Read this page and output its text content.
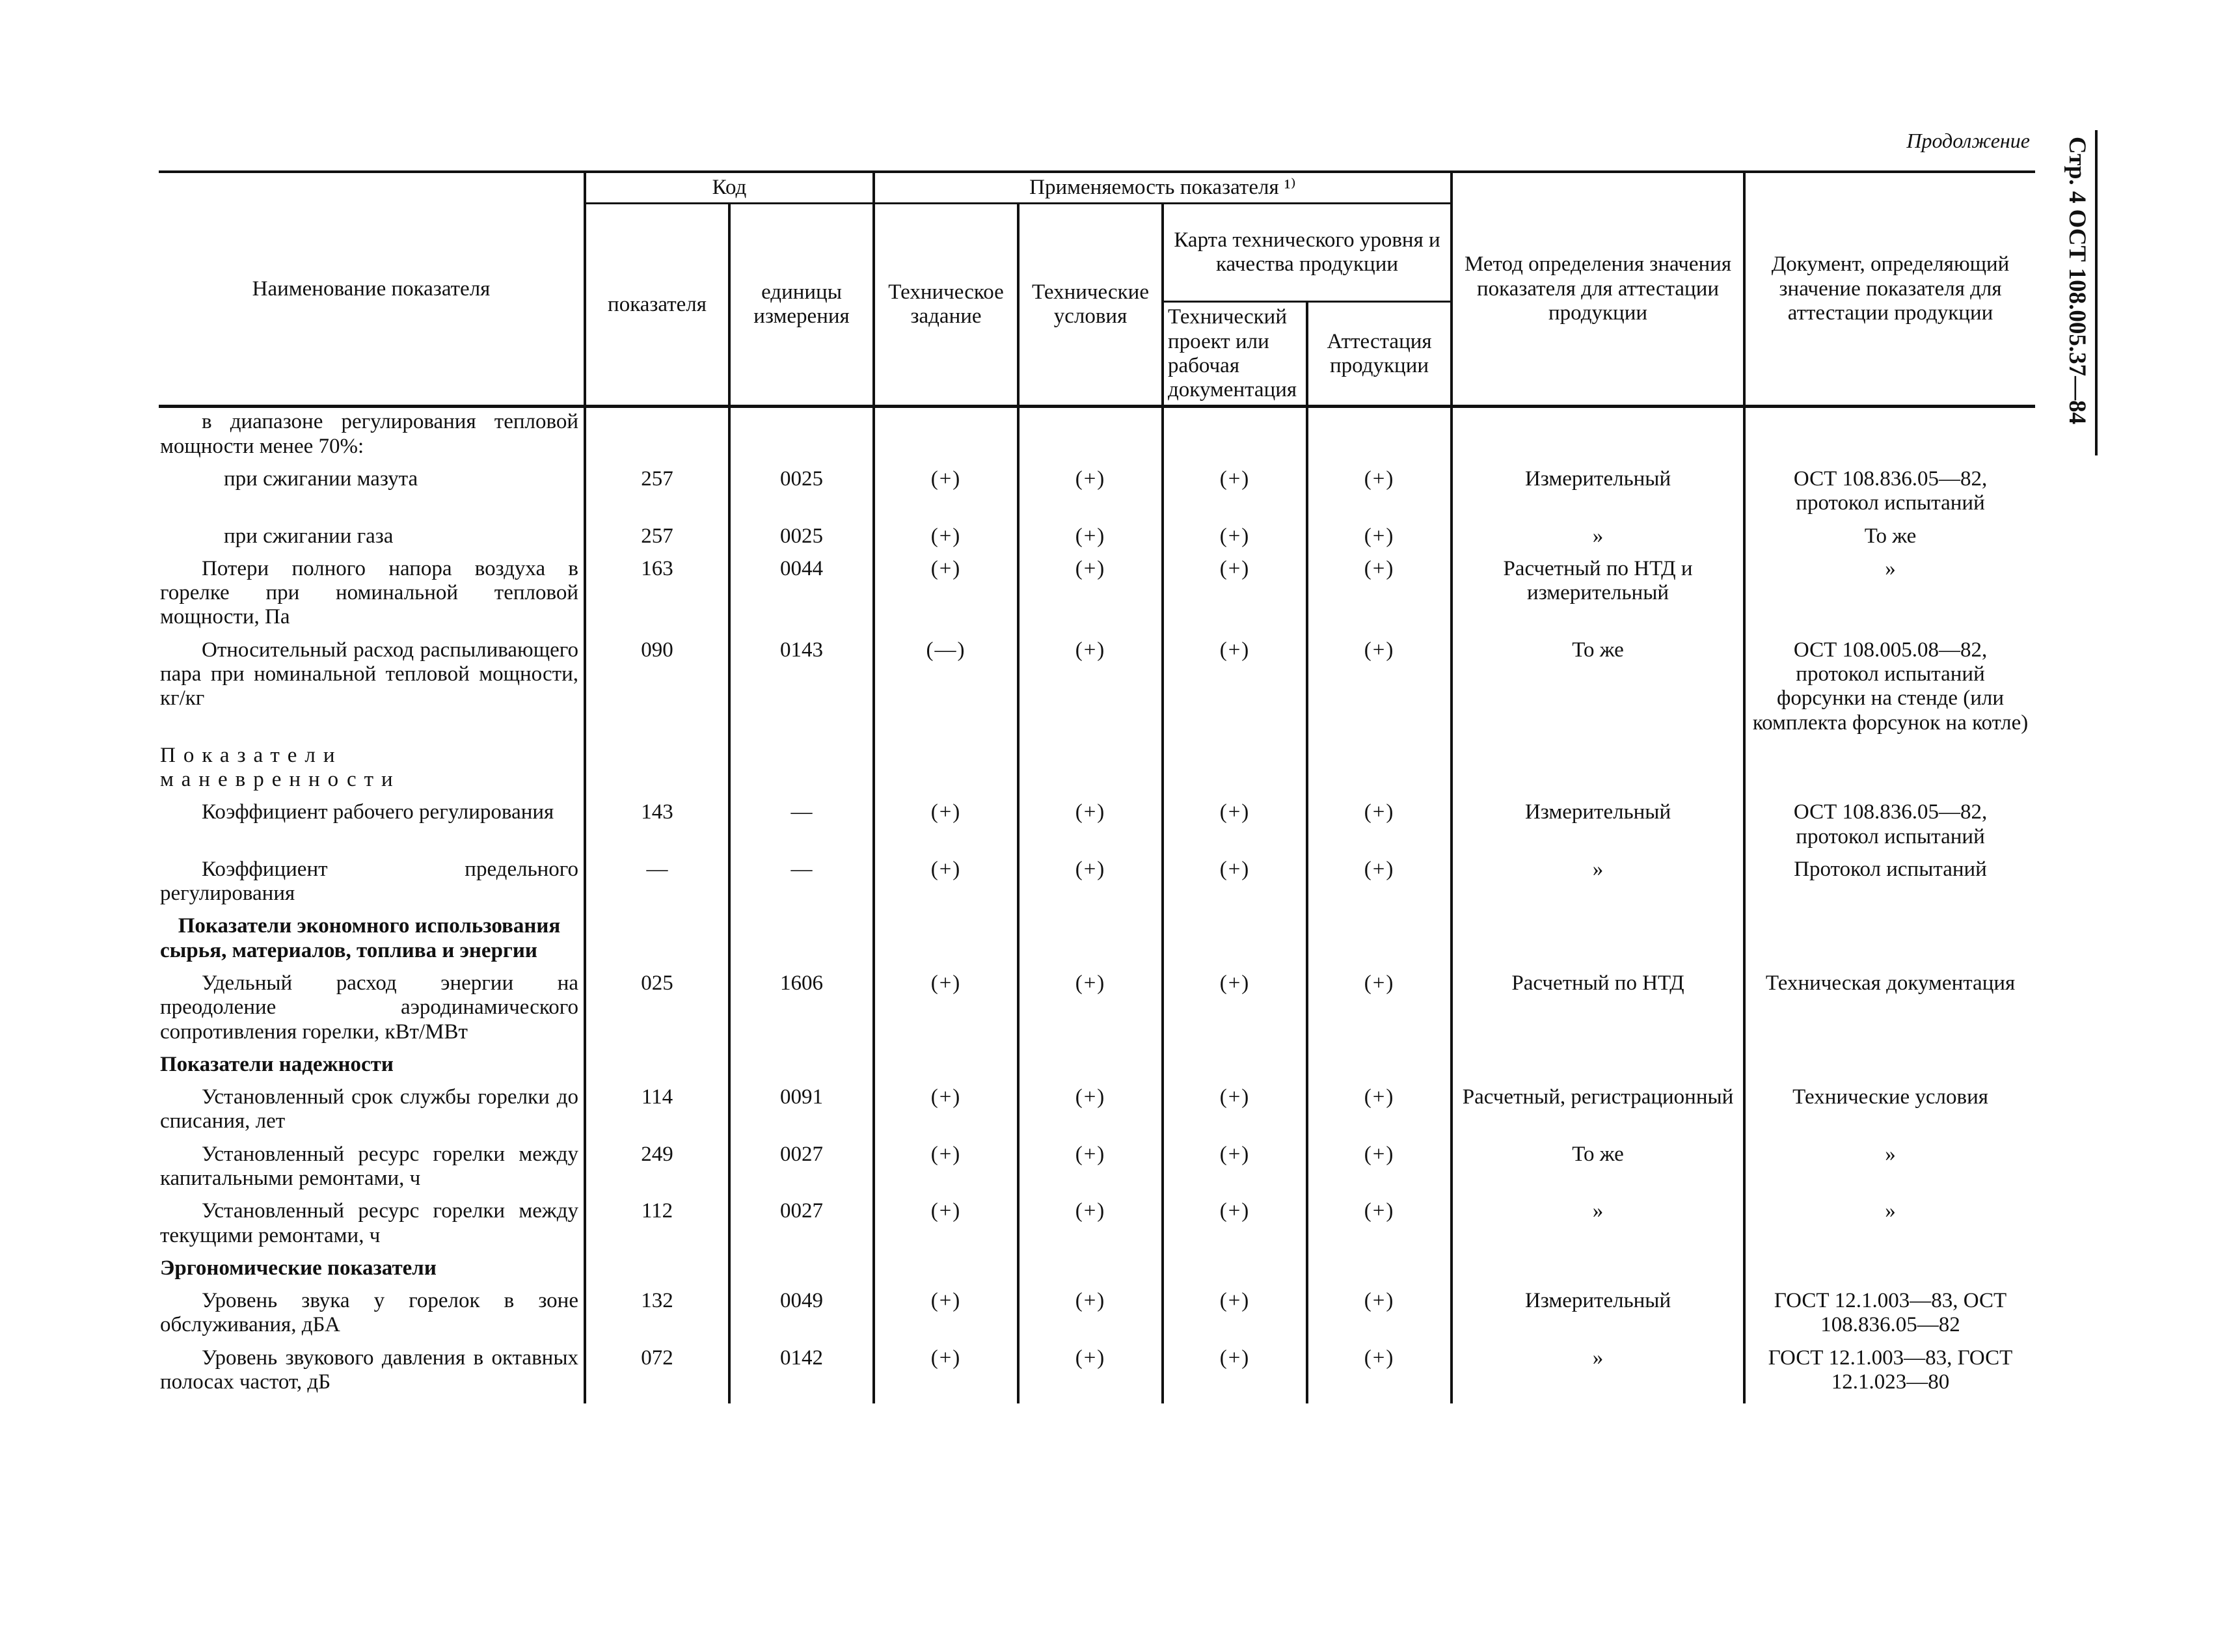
Продолжение Стр. 4 ОСТ 108.005.37—84
Наименование показателя	Код		Применяемость показателя ¹⁾				Метод определения значения показателя для аттестации продукции	Документ, определяющий значение показателя для аттестации продукции
	показателя	единицы измерения	Техническое задание	Технические условия	Карта технического уровня и качества продукции			
					Технический проект или рабочая документация	Аттестация продукции		
в диапазоне регулирования тепловой мощности менее 70%:								
при сжигании мазута	257	0025	(+)	(+)	(+)	(+)	Измерительный	ОСТ 108.836.05—82, протокол испытаний
при сжигании газа	257	0025	(+)	(+)	(+)	(+)	»	То же
Потери полного напора воздуха в горелке при номинальной тепловой мощности, Па	163	0044	(+)	(+)	(+)	(+)	Расчетный по НТД и измерительный	»
Относительный расход распыливающего пара при номинальной тепловой мощности, кг/кг	090	0143	(—)	(+)	(+)	(+)	То же	ОСТ 108.005.08—82, протокол испытаний форсунки на стенде (или комплекта форсунок на котле)
Показатели маневренности								
Коэффициент рабочего регулирования	143	—	(+)	(+)	(+)	(+)	Измерительный	ОСТ 108.836.05—82, протокол испытаний
Коэффициент предельного регулирования	—	—	(+)	(+)	(+)	(+)	»	Протокол испытаний
Показатели экономного использования сырья, материалов, топлива и энергии								
Удельный расход энергии на преодоление аэродинамического сопротивления горелки, кВт/МВт	025	1606	(+)	(+)	(+)	(+)	Расчетный по НТД	Техническая документация
Показатели надежности								
Установленный срок службы горелки до списания, лет	114	0091	(+)	(+)	(+)	(+)	Расчетный, регистрационный	Технические условия
Установленный ресурс горелки между капитальными ремонтами, ч	249	0027	(+)	(+)	(+)	(+)	То же	»
Установленный ресурс горелки между текущими ремонтами, ч	112	0027	(+)	(+)	(+)	(+)	»	»
Эргономические показатели								
Уровень звука у горелок в зоне обслуживания, дБА	132	0049	(+)	(+)	(+)	(+)	Измерительный	ГОСТ 12.1.003—83, ОСТ 108.836.05—82
Уровень звукового давления в октавных полосах частот, дБ	072	0142	(+)	(+)	(+)	(+)	»	ГОСТ 12.1.003—83, ГОСТ 12.1.023—80
